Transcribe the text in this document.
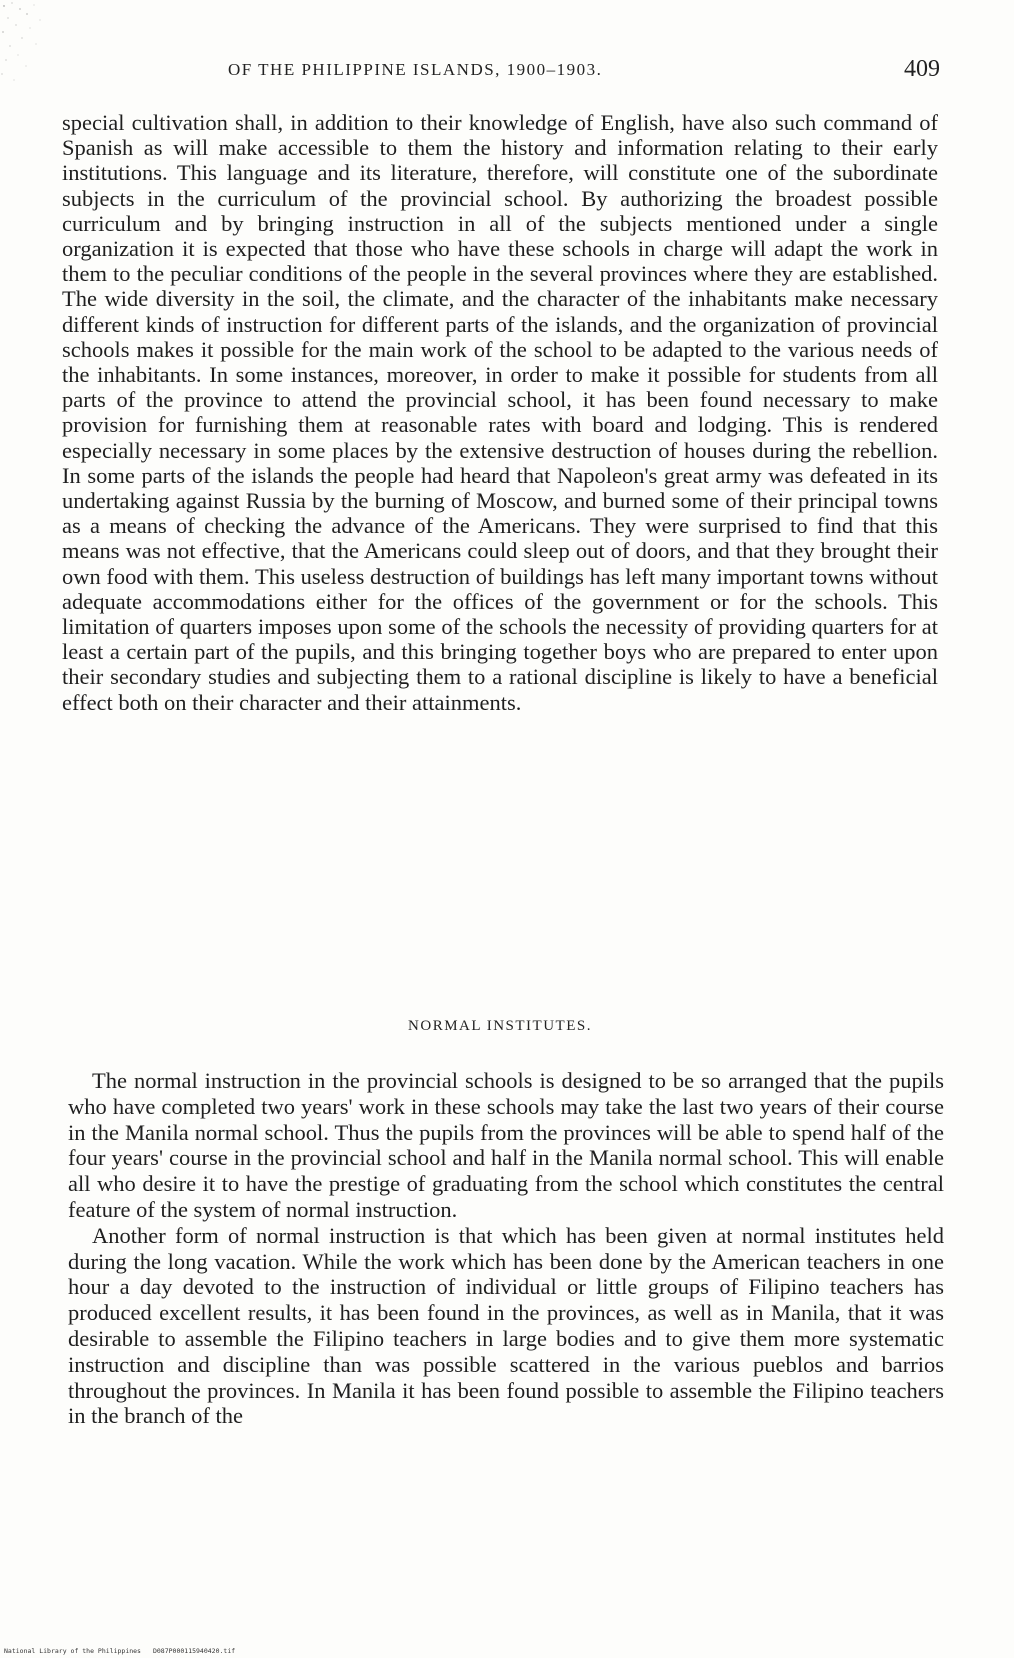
OF THE PHILIPPINE ISLANDS, 1900–1903.	409

special cultivation shall, in addition to their knowledge of English, have also such command of Spanish as will make accessible to them the history and information relating to their early institutions. This language and its literature, therefore, will constitute one of the subordinate subjects in the curriculum of the provincial school. By authorizing the broadest possible curriculum and by bringing instruction in all of the subjects mentioned under a single organization it is expected that those who have these schools in charge will adapt the work in them to the peculiar conditions of the people in the several provinces where they are established. The wide diversity in the soil, the climate, and the character of the inhabitants make necessary different kinds of instruction for different parts of the islands, and the organization of provincial schools makes it possible for the main work of the school to be adapted to the various needs of the inhabitants. In some instances, moreover, in order to make it possible for students from all parts of the province to attend the provincial school, it has been found necessary to make provision for furnishing them at reasonable rates with board and lodging. This is rendered especially necessary in some places by the extensive destruction of houses during the rebellion. In some parts of the islands the people had heard that Napoleon's great army was defeated in its undertaking against Russia by the burning of Moscow, and burned some of their principal towns as a means of checking the advance of the Americans. They were surprised to find that this means was not effective, that the Americans could sleep out of doors, and that they brought their own food with them. This useless destruction of buildings has left many important towns without adequate accommodations either for the offices of the government or for the schools. This limitation of quarters imposes upon some of the schools the necessity of providing quarters for at least a certain part of the pupils, and this bringing together boys who are prepared to enter upon their secondary studies and subjecting them to a rational discipline is likely to have a beneficial effect both on their character and their attainments.

NORMAL INSTITUTES.

The normal instruction in the provincial schools is designed to be so arranged that the pupils who have completed two years' work in these schools may take the last two years of their course in the Manila normal school. Thus the pupils from the provinces will be able to spend half of the four years' course in the provincial school and half in the Manila normal school. This will enable all who desire it to have the prestige of graduating from the school which constitutes the central feature of the system of normal instruction.

Another form of normal instruction is that which has been given at normal institutes held during the long vacation. While the work which has been done by the American teachers in one hour a day devoted to the instruction of individual or little groups of Filipino teachers has produced excellent results, it has been found in the provinces, as well as in Manila, that it was desirable to assemble the Filipino teachers in large bodies and to give them more systematic instruction and discipline than was possible scattered in the various pueblos and barrios throughout the provinces. In Manila it has been found possible to assemble the Filipino teachers in the branch of the

National Library of the Philippines D087P000115940420.tif
